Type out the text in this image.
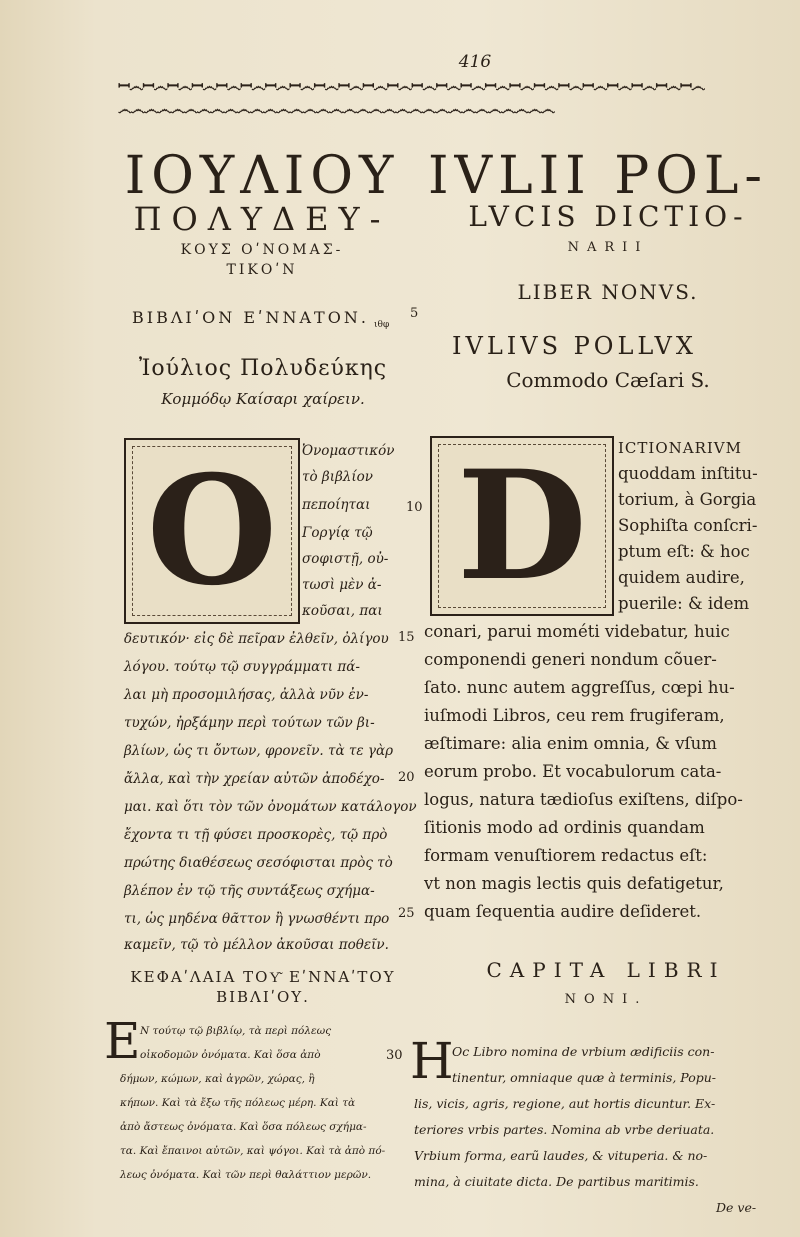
416
ꟷ෴ꟷ෴ꟷ෴ꟷ෴ꟷ෴ꟷ෴ꟷ෴ꟷ෴ꟷ෴ꟷ෴ꟷ෴ꟷ෴ꟷ෴ꟷ෴ꟷ෴ꟷ෴ꟷ෴ꟷ෴ꟷ෴ꟷ෴ꟷ෴ꟷ෴ꟷ෴ꟷ෴
෴෴෴෴෴෴෴෴෴෴෴෴෴෴෴෴෴෴෴෴෴෴෴෴෴෴෴෴෴෴෴෴෴
ΙΟΥΛΙΟΥ IVLII POL-
ΠΟΛΥΔΕΥ-	LVCIS DICTIO-
ΚΟΥΣ ΟʹΝΟΜΑΣ-	NARII
ΤΙΚΟʹΝ
LIBER NONVS.
ΒΙΒΛΙʹΟΝ ΕʹΝΝΑΤΟΝ. ιθφ
5
IVLIVS POLLVX
Ἰούλιος Πολυδεύκης	Commodo Cæſari S.
Κομμόδῳ Καίσαρι χαίρειν.
O D
Ὀνομαστικόν
τὸ βιβλίον
πεποίηται
Γοργίᾳ τῷ
σοφιστῇ, οὐ-
τωσὶ μὲν ἀ-
κοῦσαι, παι
δευτικόν· εἰς δὲ πεῖραν ἐλθεῖν, ὀλίγου
λόγου. τούτῳ τῷ συγγράμματι πά-
λαι μὴ προσομιλήσας, ἀλλὰ νῦν ἐν-
τυχών, ἠρξάμην περὶ τούτων τῶν βι-
βλίων, ὡς τι ὄντων, φρονεῖν. τὰ τε γὰρ
ἄλλα, καὶ τὴν χρείαν αὐτῶν ἀποδέχο-
μαι. καὶ ὅτι τὸν τῶν ὀνομάτων κατάλογον
ἔχοντα τι τῇ φύσει προσκορὲς, τῷ πρὸ
πρώτης διαθέσεως σεσόφισται πρὸς τὸ
βλέπον ἐν τῷ τῆς συντάξεως σχήμα-
τι, ὡς μηδένα θᾶττον ἢ γνωσθέντι προ
καμεῖν, τῷ τὸ μέλλον ἀκοῦσαι ποθεῖν.
10
15
20
25
30
ICTIONARIVM
quoddam inſtitu-
torium, à Gorgia
Sophiſta conſcri-
ptum eſt: & hoc
quidem audire,
puerile: & idem
conari, parui mométi videbatur, huic
componendi generi nondum cõuer-
ſato. nunc autem aggreſſus, cœpi hu-
iuſmodi Libros, ceu rem frugiferam,
æſtimare: alia enim omnia, & vſum
eorum probo. Et vocabulorum cata-
logus, natura tædioſus exiſtens, diſpo-
ſitionis modo ad ordinis quandam
formam venuſtiorem redactus eſt:
vt non magis lectis quis defatigetur,
quam ſequentia audire deſideret.
ΚΕΦΑʹΛΑΙΑ ΤΟΥ͂ ΕʹΝΝΑʹΤΟΥ
ΒΙΒΛΙʹΟΥ.
CAPITA LIBRI
NONI.
E Ν τούτῳ τῷ βιβλίῳ, τὰ περὶ πόλεως
οἰκοδομῶν ὀνόματα. Καὶ ὅσα ἀπὸ
δήμων, κώμων, καὶ ἀγρῶν, χώρας, ἢ
κήπων. Καὶ τὰ ἔξω τῆς πόλεως μέρη. Καὶ τὰ
ἀπὸ ἄστεως ὀνόματα. Καὶ ὅσα πόλεως σχήμα-
τα. Καὶ ἔπαινοι αὐτῶν, καὶ ψόγοι. Καὶ τὰ ἀπὸ πό-
λεως ὀνόματα. Καὶ τῶν περὶ θαλάττιον μερῶν.
H
Oc Libro nomina de vrbium ædificiis con-
tinentur, omniaque quæ à terminis, Popu-
lis, vicis, agris, regione, aut hortis dicuntur. Ex-
teriores vrbis partes. Nomina ab vrbe deriuata.
Vrbium forma, earũ laudes, & vituperia. & no-
mina, à ciuitate dicta. De partibus maritimis.
De ve-
